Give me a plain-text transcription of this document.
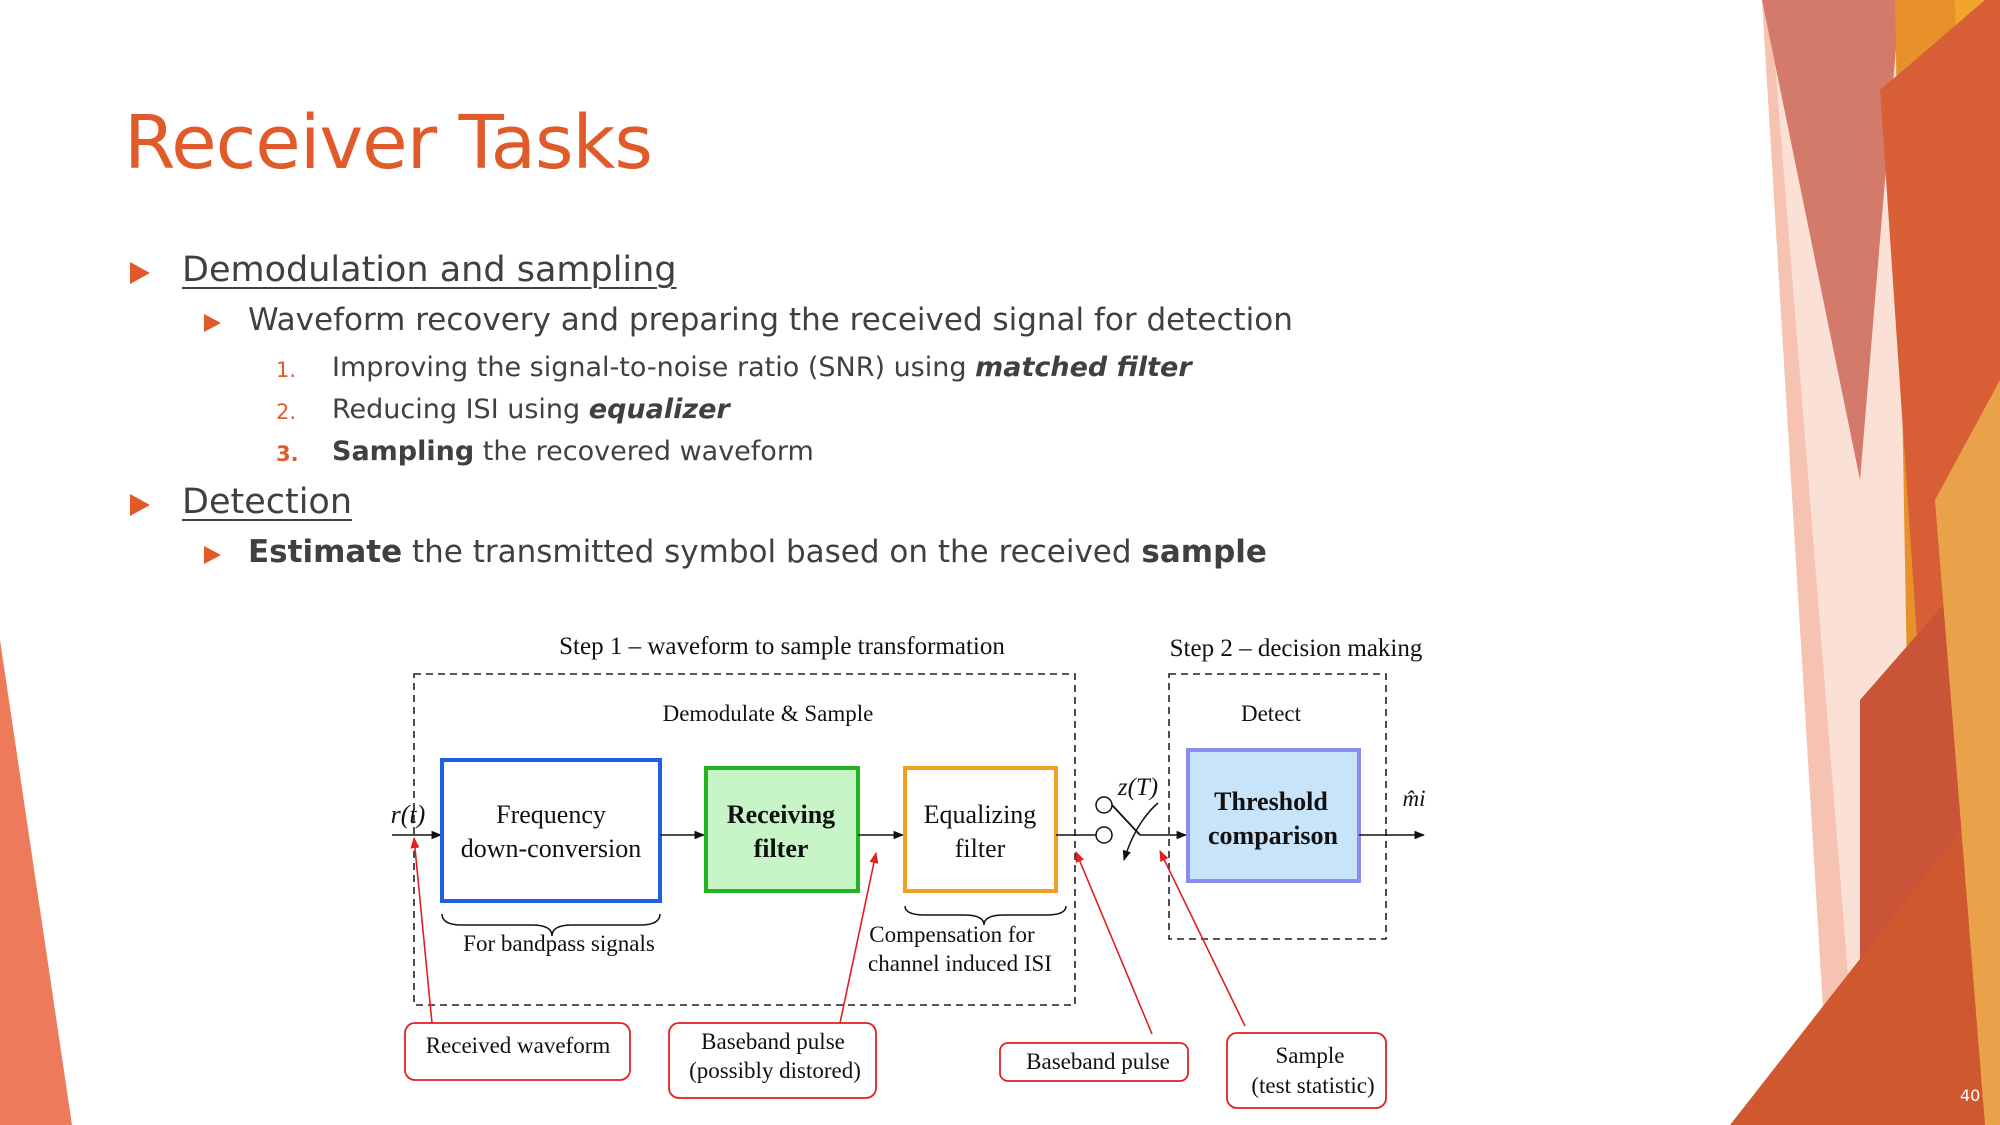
Receiver Tasks
Demodulation and sampling
Waveform recovery and preparing the received signal for detection
1. Improving the signal-to-noise ratio (SNR) using matched filter
2. Reducing ISI using equalizer
3. Sampling the recovered waveform
Detection
Estimate the transmitted symbol based on the received sample
Step 1 – waveform to sample transformation	Step 2 – decision making
Demodulate & Sample	Detect
r(t)	Frequency
down-conversion
Receiving
filter
Equalizing
filter
z(T) Threshold
comparison
m̂i
For bandpass signals	Compensation for
channel induced ISI
Received waveform	Baseband pulse
(possibly distored)	Baseband pulse	Sample
(test statistic)	40
